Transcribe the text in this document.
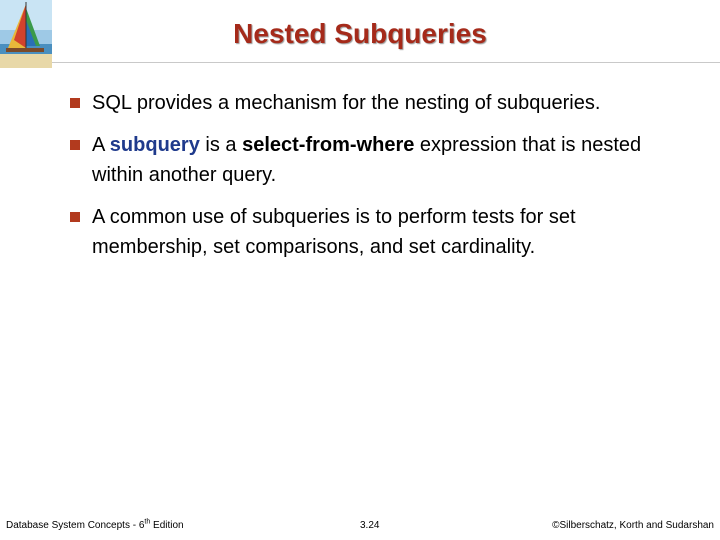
Nested Subqueries
SQL provides a mechanism for the nesting of subqueries.
A subquery is a select-from-where expression that is nested within another query.
A common use of subqueries is to perform tests for set membership, set comparisons, and set cardinality.
Database System Concepts - 6th Edition	3.24	©Silberschatz, Korth and Sudarshan
